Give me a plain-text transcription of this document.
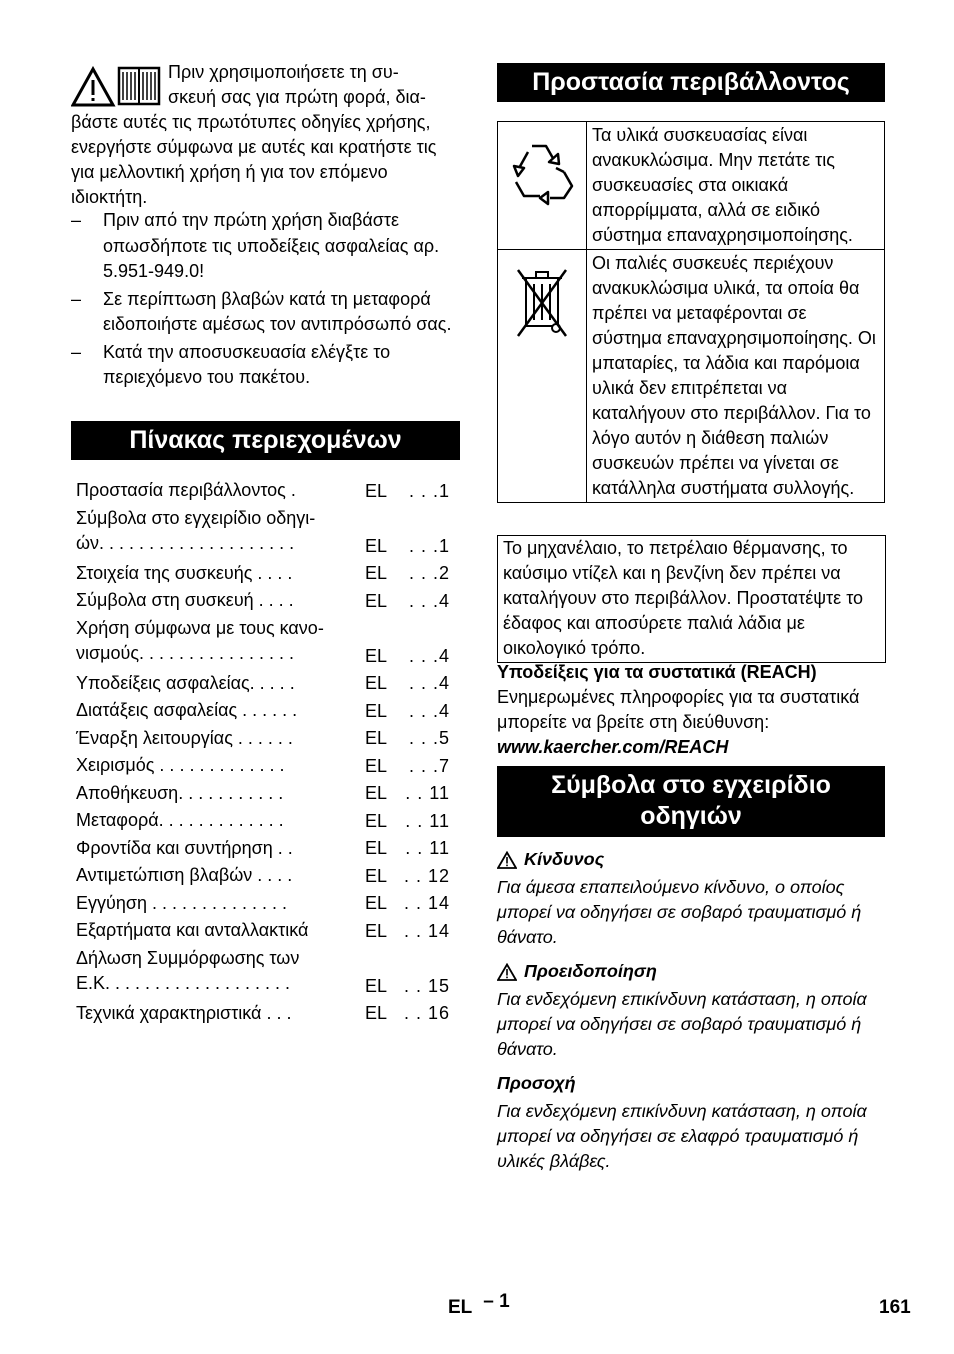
Πριν χρησιμοποιήσετε τη συ-
σκευή σας για πρώτη φορά, δια-
βάστε αυτές τις πρωτότυπες οδηγίες χρήσης, ενεργήστε σύμφωνα με αυτές και κρατήστε τις για μελλοντική χρήση ή για τον επόμενο ιδιοκτήτη.
– Πριν από την πρώτη χρήση διαβάστε οπωσδήποτε τις υποδείξεις ασφαλείας αρ. 5.951-949.0!
– Σε περίπτωση βλαβών κατά τη μεταφορά ειδοποιήστε αμέσως τον αντιπρόσωπό σας.
– Κατά την αποσυσκευασία ελέγξτε το περιεχόμενο του πακέτου.
Πίνακας περιεχομένων
Προστασία περιβάλλοντος .	EL . . .1
Σύμβολα στο εγχειρίδιο οδηγι-
ών. . . . . . . . . . . . . . . . . . . .	EL . . .1
Στοιχεία της συσκευής . . . .	EL . . .2
Σύμβολα στη συσκευή . . . .	EL . . .4
Χρήση σύμφωνα με τους κανο-
νισμούς. . . . . . . . . . . . . . . .	EL . . .4
Υποδείξεις ασφαλείας. . . . .	EL . . .4
Διατάξεις ασφαλείας . . . . . .	EL . . .4
Έναρξη λειτουργίας . . . . . .	EL . . .5
Χειρισμός . . . . . . . . . . . . .	EL . . .7
Αποθήκευση. . . . . . . . . . .	EL . . 11
Μεταφορά. . . . . . . . . . . . .	EL . . 11
Φροντίδα και συντήρηση . .	EL . . 11
Αντιμετώπιση βλαβών . . . .	EL . . 12
Εγγύηση . . . . . . . . . . . . . .	EL . . 14
Εξαρτήματα και ανταλλακτικά	EL . . 14
Δήλωση Συμμόρφωσης των
Ε.Κ. . . . . . . . . . . . . . . . . . .	EL . . 15
Τεχνικά χαρακτηριστικά . . .	EL . . 16
Προστασία περιβάλλοντος
	Τα υλικά συσκευασίας είναι ανακυκλώσιμα. Μην πετάτε τις συσκευασίες στα οικιακά απορρίμματα, αλλά σε ειδικό σύστημα επαναχρησιμοποίησης.
	Οι παλιές συσκευές περιέχουν ανακυκλώσιμα υλικά, τα οποία θα πρέπει να μεταφέρονται σε σύστημα επαναχρησιμοποίησης. Οι μπαταρίες, τα λάδια και παρόμοια υλικά δεν επιτρέπεται να καταλήγουν στο περιβάλλον. Για το λόγο αυτόν η διάθεση παλιών συσκευών πρέπει να γίνεται σε κατάλληλα συστήματα συλλογής.
Το μηχανέλαιο, το πετρέλαιο θέρμανσης, το καύσιμο ντίζελ και η βενζίνη δεν πρέπει να καταλήγουν στο περιβάλλον. Προστατέψτε το έδαφος και αποσύρετε παλιά λάδια με οικολογικό τρόπο.
Υποδείξεις για τα συστατικά (REACH)
Ενημερωμένες πληροφορίες για τα συστατικά μπορείτε να βρείτε στη διεύθυνση:
www.kaercher.com/REACH
Σύμβολα στο εγχειρίδιο
οδηγιών
Κίνδυνος

Για άμεσα επαπειλούμενο κίνδυνο, ο οποίος μπορεί να οδηγήσει σε σοβαρό τραυματισμό ή θάνατο.

Προειδοποίηση

Για ενδεχόμενη επικίνδυνη κατάσταση, η οποία μπορεί να οδηγήσει σε σοβαρό τραυματισμό ή θάνατο.

Προσοχή

Για ενδεχόμενη επικίνδυνη κατάσταση, η οποία μπορεί να οδηγήσει σε ελαφρό τραυματισμό ή υλικές βλάβες.

EL – 1	161
